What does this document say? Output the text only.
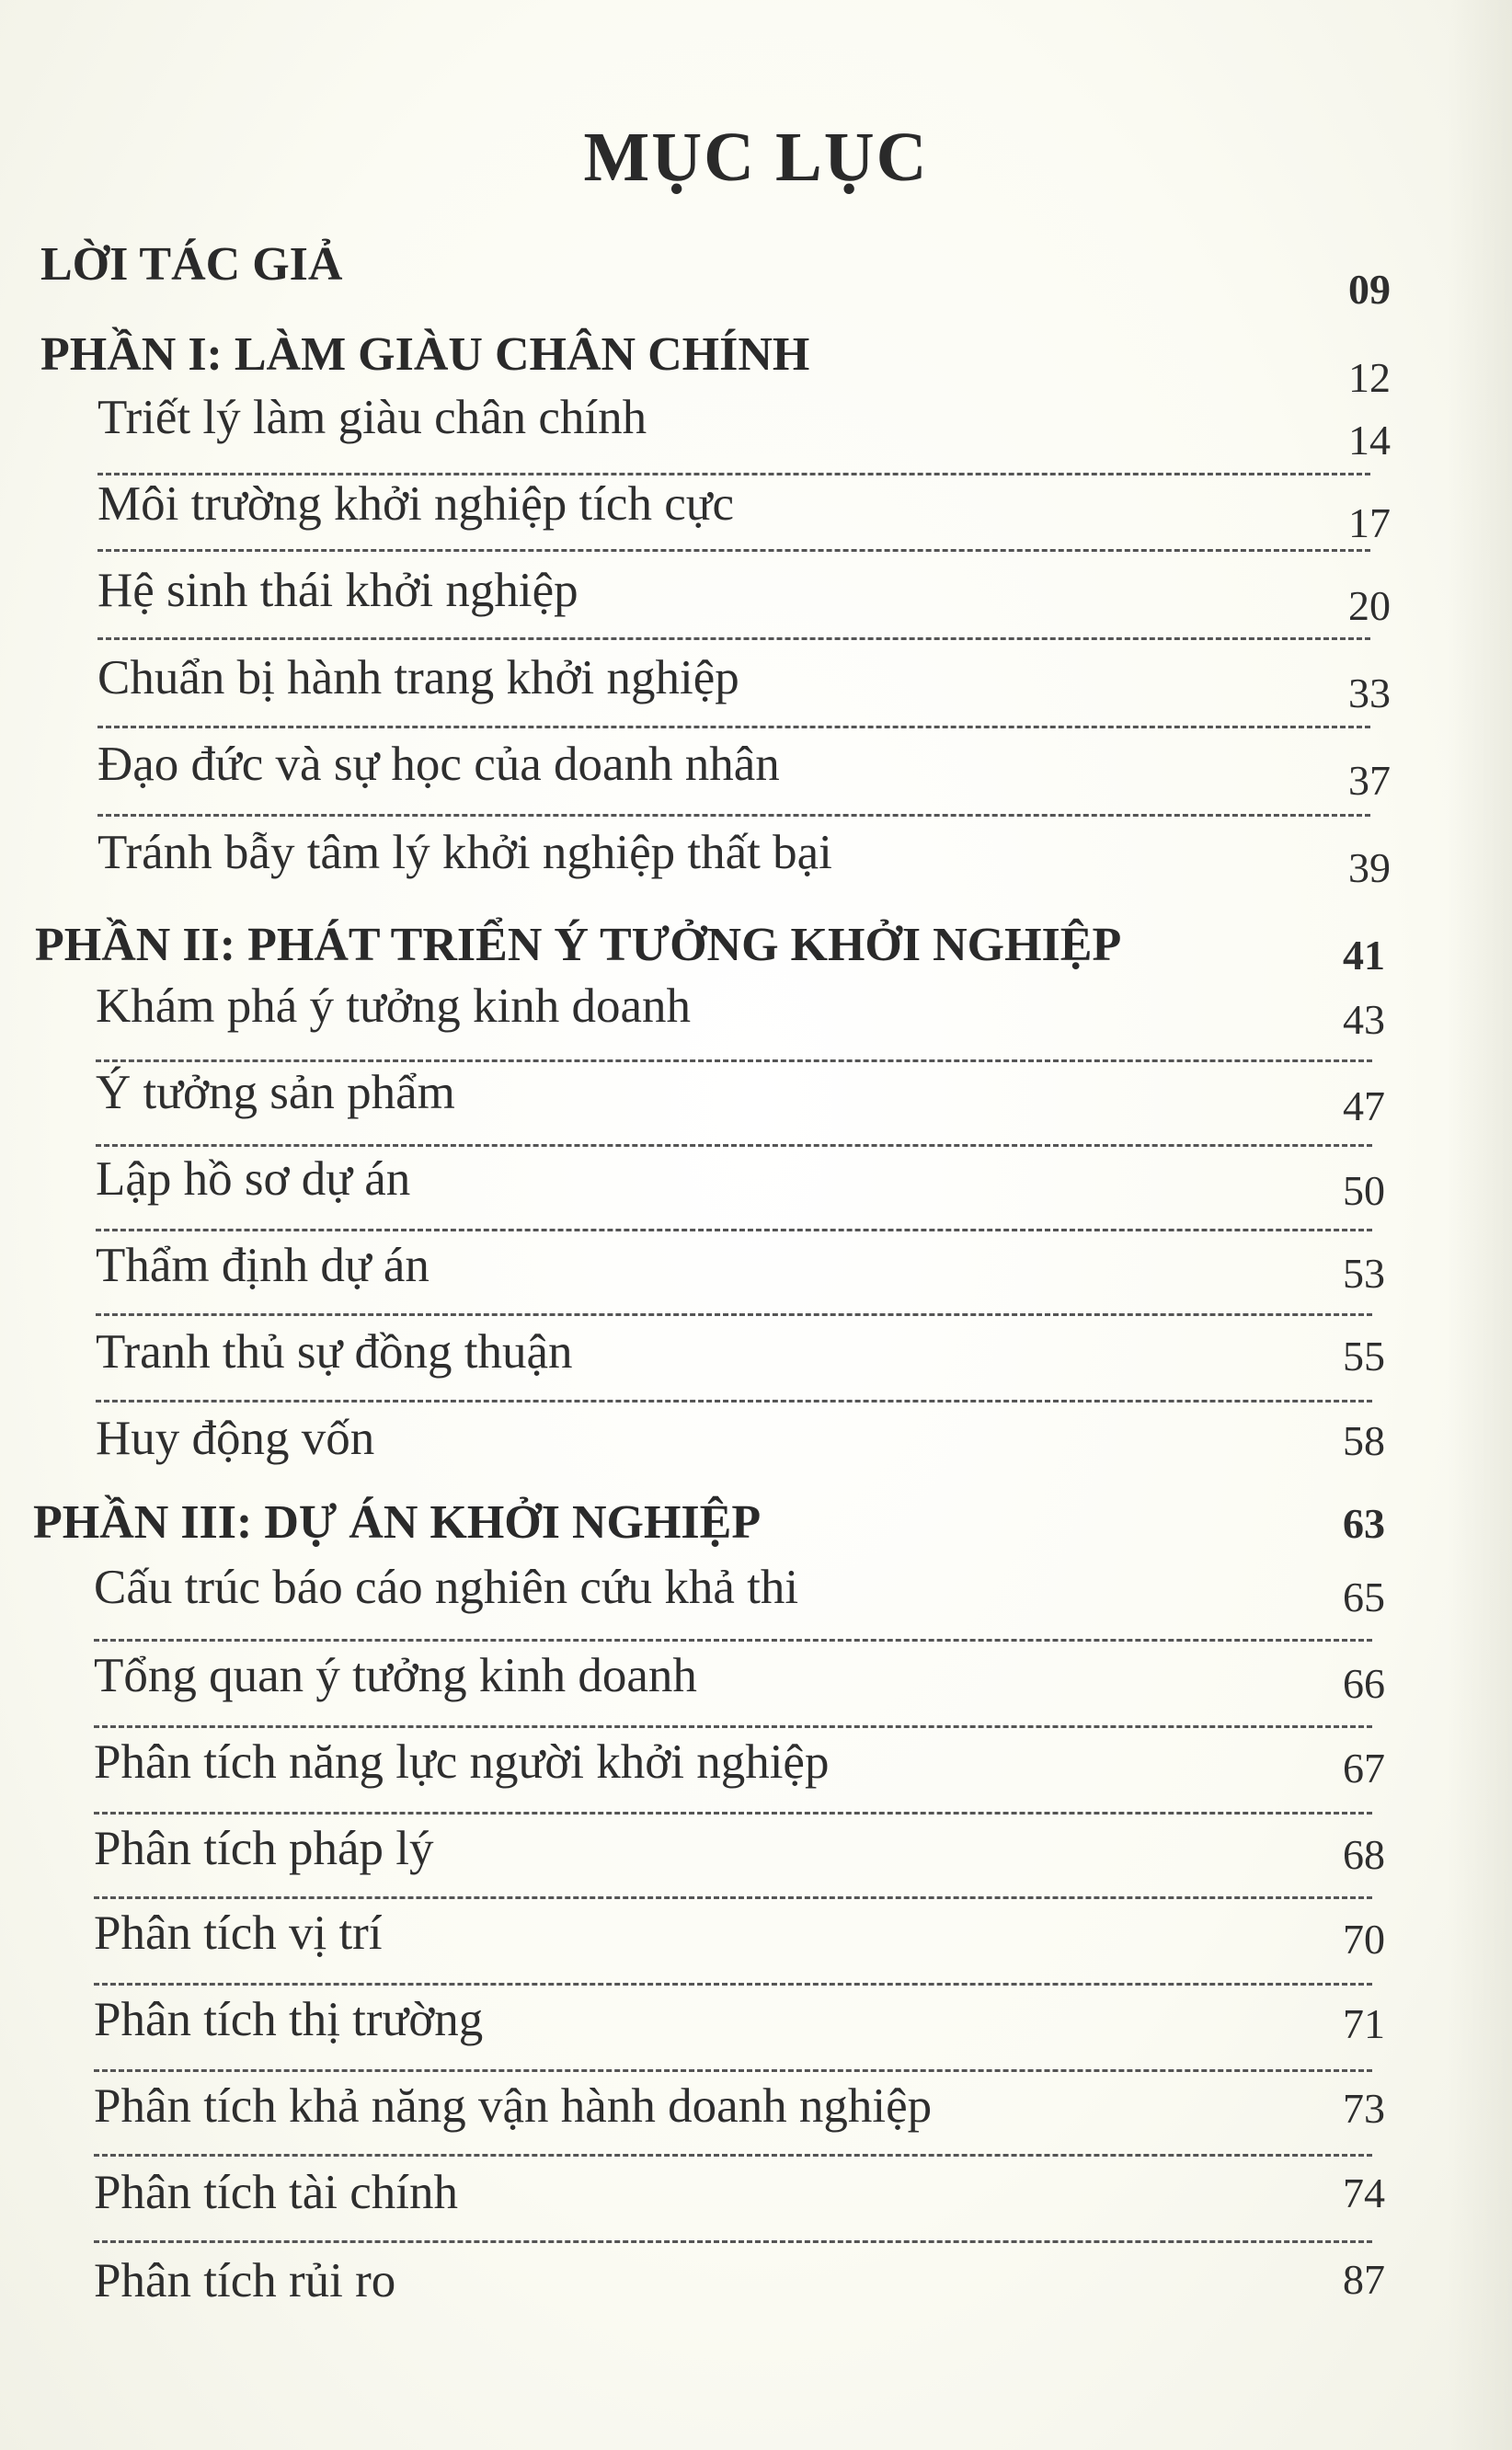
MỤC LỤC
LỜI TÁC GIẢ	09
PHẦN I: LÀM GIÀU CHÂN CHÍNH	12
Triết lý làm giàu chân chính	14
Môi trường khởi nghiệp tích cực	17
Hệ sinh thái khởi nghiệp	20
Chuẩn bị hành trang khởi nghiệp	33
Đạo đức và sự học của doanh nhân	37
Tránh bẫy tâm lý khởi nghiệp thất bại	39
PHẦN II: PHÁT TRIỂN Ý TƯỞNG KHỞI NGHIỆP	41
Khám phá ý tưởng kinh doanh	43
Ý tưởng sản phẩm	47
Lập hồ sơ dự án	50
Thẩm định dự án	53
Tranh thủ sự đồng thuận	55
Huy động vốn	58
PHẦN III: DỰ ÁN KHỞI NGHIỆP	63
Cấu trúc báo cáo nghiên cứu khả thi	65
Tổng quan ý tưởng kinh doanh	66
Phân tích năng lực người khởi nghiệp	67
Phân tích pháp lý	68
Phân tích vị trí	70
Phân tích thị trường	71
Phân tích khả năng vận hành doanh nghiệp	73
Phân tích tài chính	74
Phân tích rủi ro	87
